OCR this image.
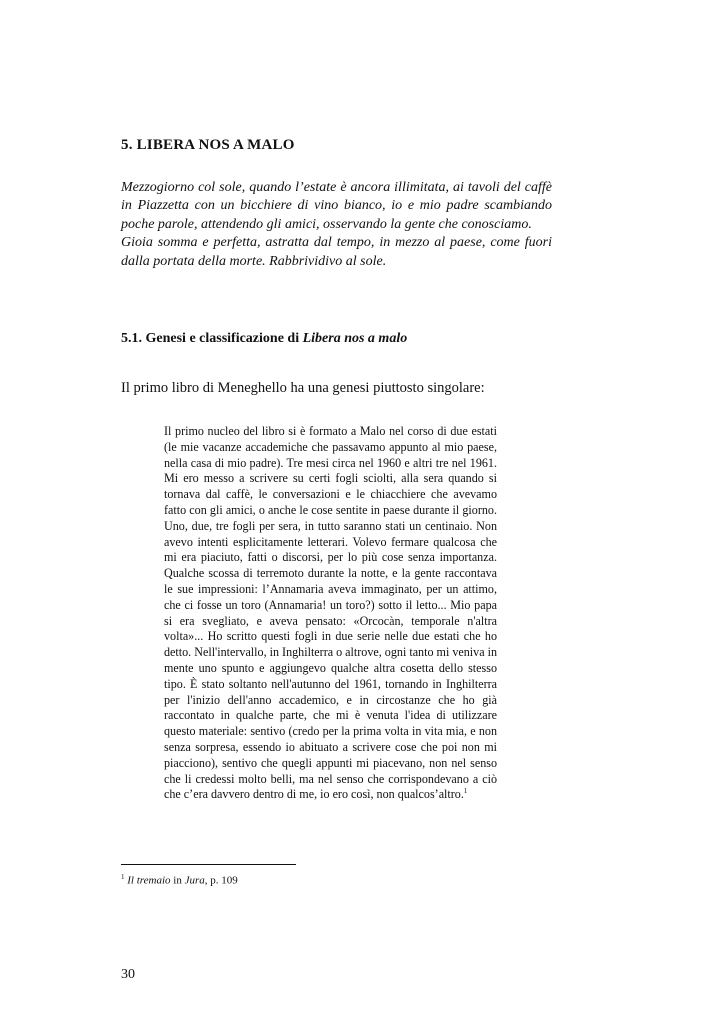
5. LIBERA NOS A MALO

Mezzogiorno col sole, quando l’estate è ancora illimitata, ai tavoli del caffè in Piazzetta con un bicchiere di vino bianco, io e mio padre scambiando poche parole, attendendo gli amici, osservando la gente che conosciamo.

Gioia somma e perfetta, astratta dal tempo, in mezzo al paese, come fuori dalla portata della morte. Rabbrividivo al sole.

5.1. Genesi e classificazione di Libera nos a malo
Il primo libro di Meneghello ha una genesi piuttosto singolare:
Il primo nucleo del libro si è formato a Malo nel corso di due estati (le mie vacanze accademiche che passavamo appunto al mio paese, nella casa di mio padre). Tre mesi circa nel 1960 e altri tre nel 1961. Mi ero messo a scrivere su certi fogli sciolti, alla sera quando si tornava dal caffè, le conversazioni e le chiacchiere che avevamo fatto con gli amici, o anche le cose sentite in paese durante il giorno. Uno, due, tre fogli per sera, in tutto saranno stati un centinaio. Non avevo intenti esplicitamente letterari. Volevo fermare qualcosa che mi era piaciuto, fatti o discorsi, per lo più cose senza importanza. Qualche scossa di terremoto durante la notte, e la gente raccontava le sue impressioni: l’Annamaria aveva immaginato, per un attimo, che ci fosse un toro (Annamaria! un toro?) sotto il letto... Mio papa si era svegliato, e aveva pensato: «Orcocàn, temporale n'altra volta»... Ho scritto questi fogli in due serie nelle due estati che ho detto. Nell'intervallo, in Inghilterra o altrove, ogni tanto mi veniva in mente uno spunto e aggiungevo qualche altra cosetta dello stesso tipo. È stato soltanto nell'autunno del 1961, tornando in Inghilterra per l'inizio dell'anno accademico, e in circostanze che ho già raccontato in qualche parte, che mi è venuta l'idea di utilizzare questo materiale: sentivo (credo per la prima volta in vita mia, e non senza sorpresa, essendo io abituato a scrivere cose che poi non mi piacciono), sentivo che quegli appunti mi piacevano, non nel senso che li credessi molto belli, ma nel senso che corrispondevano a ciò che c’era davvero dentro di me, io ero così, non qualcos’altro.$^1$
$^1$ Il tremaio in Jura, p. 109
30
